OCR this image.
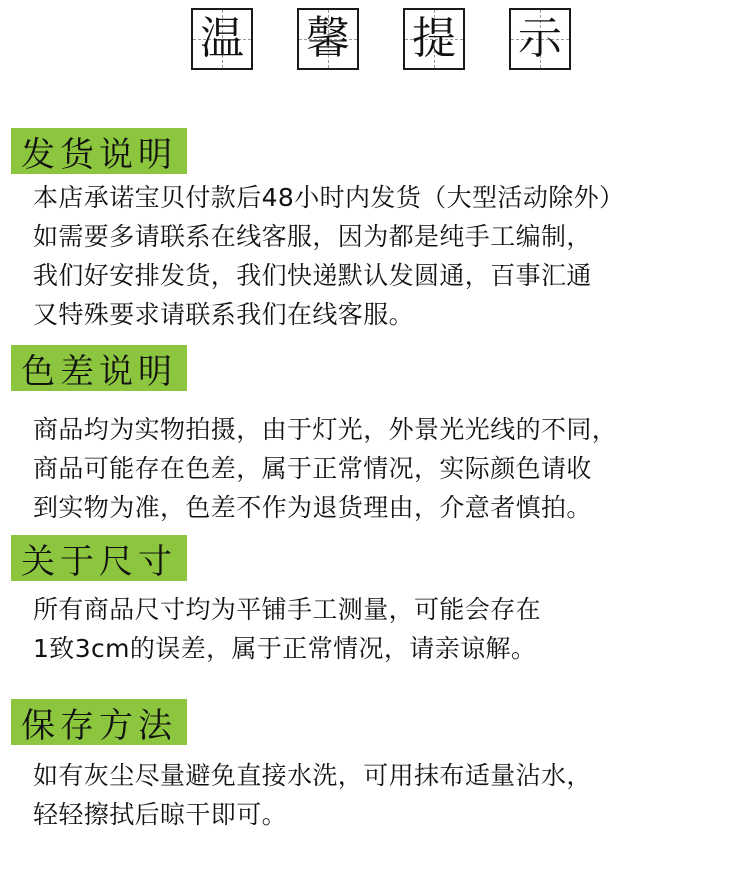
温 馨 提 示
发货说明
本店承诺宝贝付款后48小时内发货（大型活动除外）
如需要多请联系在线客服，因为都是纯手工编制，
我们好安排发货，我们快递默认发圆通，百事汇通
又特殊要求请联系我们在线客服。
色差说明
商品均为实物拍摄，由于灯光，外景光光线的不同，
商品可能存在色差，属于正常情况，实际颜色请收
到实物为准，色差不作为退货理由，介意者慎拍。
关于尺寸
所有商品尺寸均为平铺手工测量，可能会存在
1致3cm的误差，属于正常情况，请亲谅解。
保存方法
如有灰尘尽量避免直接水洗，可用抹布适量沾水，
轻轻擦拭后晾干即可。
